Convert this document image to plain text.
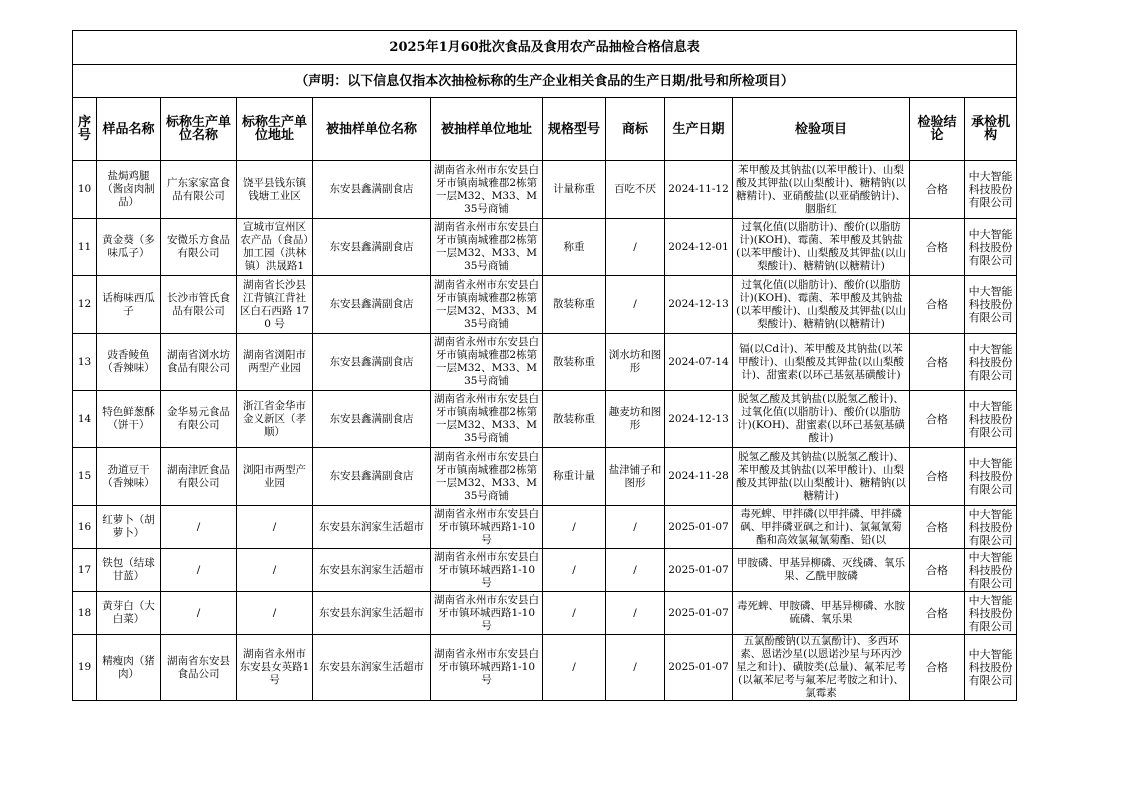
2025年1月60批次食品及食用农产品抽检合格信息表											
（声明：以下信息仅指本次抽检标称的生产企业相关食品的生产日期/批号和所检项目）											
序号	样品名称	标称生产单位名称	标称生产单位地址	被抽样单位名称	被抽样单位地址	规格型号	商标	生产日期	检验项目	检验结论	承检机构
10	盐焗鸡腿（酱卤肉制品）	广东家家富食品有限公司	饶平县钱东镇钱塘工业区	东安县鑫满副食店	湖南省永州市东安县白牙市镇南城雅郡2栋第一层M32、M33、M35号商铺	计量称重	百吃不厌	2024-11-12	苯甲酸及其钠盐(以苯甲酸计)、山梨酸及其钾盐(以山梨酸计)、糖精钠(以糖精计)、亚硝酸盐(以亚硝酸钠计)、胭脂红	合格	中大智能科技股份有限公司
11	黄金葵（多味瓜子）	安微乐方食品有限公司	宣城市宣州区农产品（食品）加工园（洪林镇）洪晟路1	东安县鑫满副食店	湖南省永州市东安县白牙市镇南城雅郡2栋第一层M32、M33、M35号商铺	称重	/	2024-12-01	过氧化值(以脂肪计)、酸价(以脂肪计)(KOH)、霉菌、苯甲酸及其钠盐(以苯甲酸计)、山梨酸及其钾盐(以山梨酸计)、糖精钠(以糖精计)	合格	中大智能科技股份有限公司
12	话梅味西瓜子	长沙市管氏食品有限公司	湖南省长沙县江背镇江背社区白石西路 170 号	东安县鑫满副食店	湖南省永州市东安县白牙市镇南城雅郡2栋第一层M32、M33、M35号商铺	散装称重	/	2024-12-13	过氧化值(以脂肪计)、酸价(以脂肪计)(KOH)、霉菌、苯甲酸及其钠盐(以苯甲酸计)、山梨酸及其钾盐(以山梨酸计)、糖精钠(以糖精计)	合格	中大智能科技股份有限公司
13	豉香鲮鱼（香辣味）	湖南省浏水坊食品有限公司	湖南省浏阳市两型产业园	东安县鑫满副食店	湖南省永州市东安县白牙市镇南城雅郡2栋第一层M32、M33、M35号商铺	散装称重	浏水坊和图形	2024-07-14	镉(以Cd计)、苯甲酸及其钠盐(以苯甲酸计)、山梨酸及其钾盐(以山梨酸计)、甜蜜素(以环己基氨基磺酸计)	合格	中大智能科技股份有限公司
14	特色鲜葱酥（饼干）	金华易元食品有限公司	浙江省金华市金义新区（孝顺）	东安县鑫满副食店	湖南省永州市东安县白牙市镇南城雅郡2栋第一层M32、M33、M35号商铺	散装称重	趣麦坊和图形	2024-12-13	脱氢乙酸及其钠盐(以脱氢乙酸计)、过氧化值(以脂肪计)、酸价(以脂肪计)(KOH)、甜蜜素(以环己基氨基磺酸计)	合格	中大智能科技股份有限公司
15	劲道豆干（香辣味）	湖南津匠食品有限公司	浏阳市两型产业园	东安县鑫满副食店	湖南省永州市东安县白牙市镇南城雅郡2栋第一层M32、M33、M35号商铺	称重计量	盐津铺子和图形	2024-11-28	脱氢乙酸及其钠盐(以脱氢乙酸计)、苯甲酸及其钠盐(以苯甲酸计)、山梨酸及其钾盐(以山梨酸计)、糖精钠(以糖精计)	合格	中大智能科技股份有限公司
16	红萝卜（胡萝卜）	/	/	东安县东润家生活超市	湖南省永州市东安县白牙市镇环城西路1-10号	/	/	2025-01-07	毒死蜱、甲拌磷(以甲拌磷、甲拌磷砜、甲拌磷亚砜之和计)、氯氟氰菊酯和高效氯氟氰菊酯、铅(以	合格	中大智能科技股份有限公司
17	铁包（结球甘蓝）	/	/	东安县东润家生活超市	湖南省永州市东安县白牙市镇环城西路1-10号	/	/	2025-01-07	甲胺磷、甲基异柳磷、灭线磷、氧乐果、乙酰甲胺磷	合格	中大智能科技股份有限公司
18	黄芽白（大白菜）	/	/	东安县东润家生活超市	湖南省永州市东安县白牙市镇环城西路1-10号	/	/	2025-01-07	毒死蜱、甲胺磷、甲基异柳磷、水胺硫磷、氧乐果	合格	中大智能科技股份有限公司
19	精瘦肉（猪肉）	湖南省东安县食品公司	湖南省永州市东安县女英路1号	东安县东润家生活超市	湖南省永州市东安县白牙市镇环城西路1-10号	/	/	2025-01-07	五氯酚酸钠(以五氯酚计)、多西环素、恩诺沙星(以恩诺沙星与环丙沙星之和计)、磺胺类(总量)、氟苯尼考(以氟苯尼考与氟苯尼考胺之和计)、氯霉素	合格	中大智能科技股份有限公司
